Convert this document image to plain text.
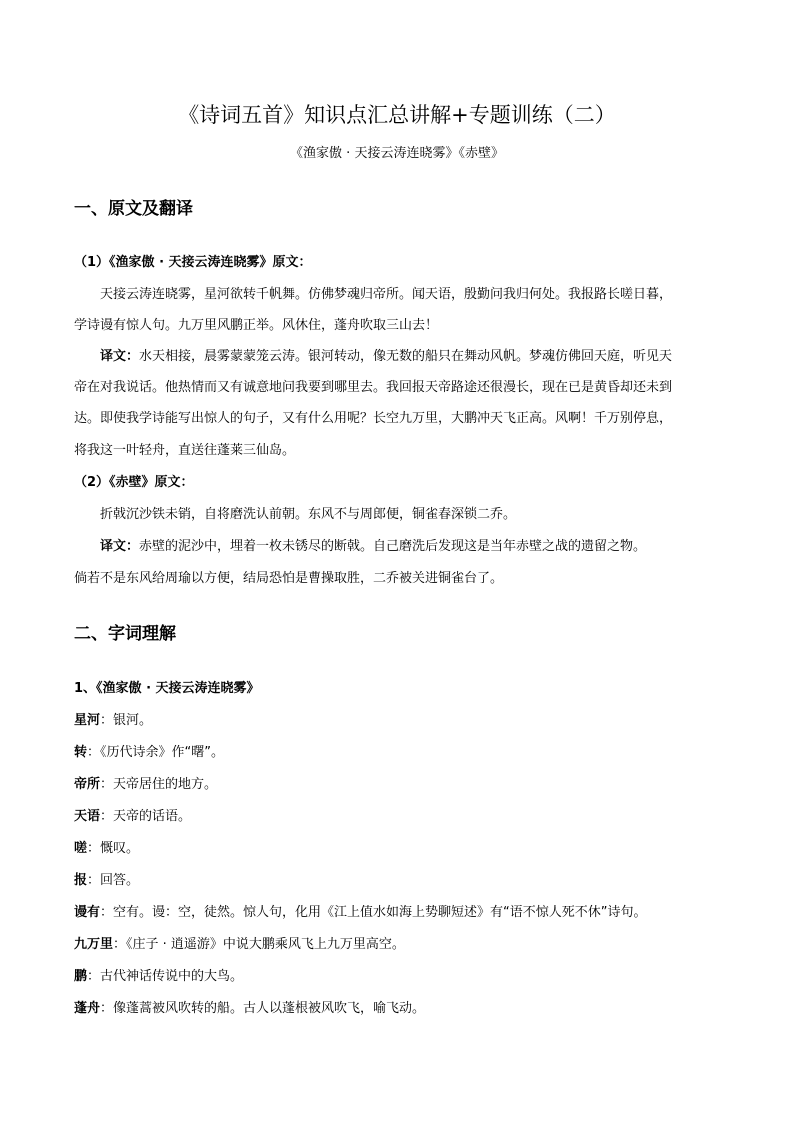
《诗词五首》知识点汇总讲解+专题训练（二）

《渔家傲 · 天接云涛连晓雾》《赤壁》

一、原文及翻译

（1）《渔家傲 · 天接云涛连晓雾》原文：

天接云涛连晓雾，星河欲转千帆舞。仿佛梦魂归帝所。闻天语，殷勤问我归何处。我报路长嗟日暮，

学诗谩有惊人句。九万里风鹏正举。风休住，蓬舟吹取三山去！

译文：水天相接，晨雾蒙蒙笼云涛。银河转动，像无数的船只在舞动风帆。梦魂仿佛回天庭，听见天

帝在对我说话。他热情而又有诚意地问我要到哪里去。我回报天帝路途还很漫长，现在已是黄昏却还未到

达。即使我学诗能写出惊人的句子，又有什么用呢？长空九万里，大鹏冲天飞正高。风啊！千万别停息，

将我这一叶轻舟，直送往蓬莱三仙岛。

（2）《赤壁》原文：

折戟沉沙铁未销，自将磨洗认前朝。东风不与周郎便，铜雀春深锁二乔。

译文：赤壁的泥沙中，埋着一枚未锈尽的断戟。自己磨洗后发现这是当年赤壁之战的遗留之物。

倘若不是东风给周瑜以方便，结局恐怕是曹操取胜，二乔被关进铜雀台了。

二、字词理解

1、《渔家傲 · 天接云涛连晓雾》

星河：银河。

转：《历代诗余》作“曙”。

帝所：天帝居住的地方。

天语：天帝的话语。

嗟：慨叹。

报：回答。

谩有：空有。谩：空，徒然。惊人句，化用《江上值水如海上势聊短述》有“语不惊人死不休”诗句。

九万里：《庄子 · 逍遥游》中说大鹏乘风飞上九万里高空。

鹏：古代神话传说中的大鸟。

蓬舟：像蓬蒿被风吹转的船。古人以蓬根被风吹飞，喻飞动。
